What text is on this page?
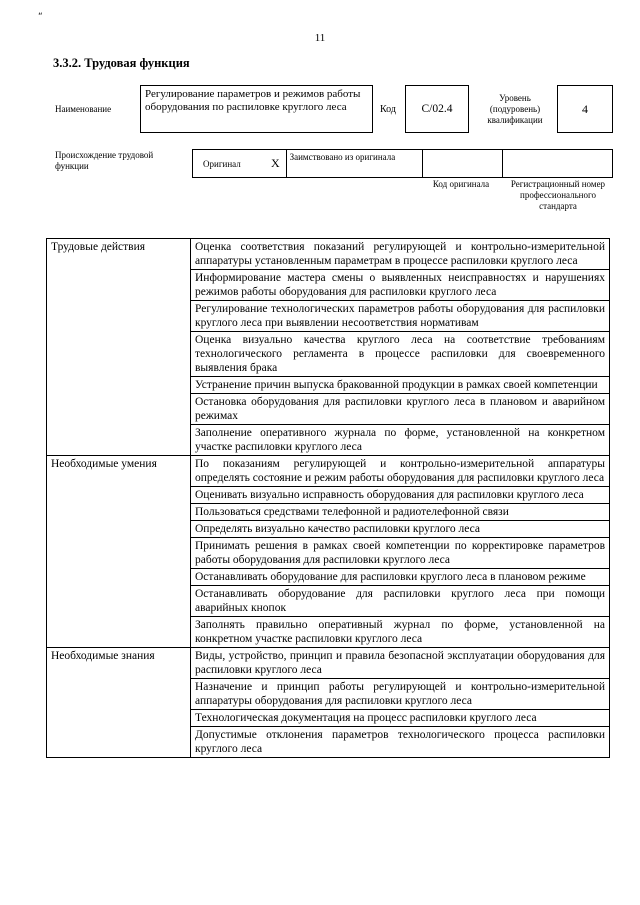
“
11
3.3.2. Трудовая функция
Наименование
Регулирование параметров и режимов работы оборудования по распиловке круглого леса	Код	C/02.4
Уровень (подуровень) квалификации
4
Происхождение трудовой функции	Оригинал	Х	Заимствовано из оригинала
Код оригинала	Регистрационный номер профессионального стандарта
Трудовые действия	Оценка соответствия показаний регулирующей и контрольно-измерительной аппаратуры установленным параметрам в процессе распиловки круглого леса
	Информирование мастера смены о выявленных неисправностях и нарушениях режимов работы оборудования для распиловки круглого леса
	Регулирование технологических параметров работы оборудования для распиловки круглого леса при выявлении несоответствия нормативам
	Оценка визуально качества круглого леса на соответствие требованиям технологического регламента в процессе распиловки для своевременного выявления брака
	Устранение причин выпуска бракованной продукции в рамках своей компетенции
	Остановка оборудования для распиловки круглого леса в плановом и аварийном режимах
	Заполнение оперативного журнала по форме, установленной на конкретном участке распиловки круглого леса
Необходимые умения	По показаниям регулирующей и контрольно-измерительной аппаратуры определять состояние и режим работы оборудования для распиловки круглого леса
	Оценивать визуально исправность оборудования для распиловки круглого леса
	Пользоваться средствами телефонной и радиотелефонной связи
	Определять визуально качество распиловки круглого леса
	Принимать решения в рамках своей компетенции по корректировке параметров работы оборудования для распиловки круглого леса
	Останавливать оборудование для распиловки круглого леса в плановом режиме
	Останавливать оборудование для распиловки круглого леса при помощи аварийных кнопок
	Заполнять правильно оперативный журнал по форме, установленной на конкретном участке распиловки круглого леса
Необходимые знания	Виды, устройство, принцип и правила безопасной эксплуатации оборудования для распиловки круглого леса
	Назначение и принцип работы регулирующей и контрольно-измерительной аппаратуры оборудования для распиловки круглого леса
	Технологическая документация на процесс распиловки круглого леса
	Допустимые отклонения параметров технологического процесса распиловки круглого леса
